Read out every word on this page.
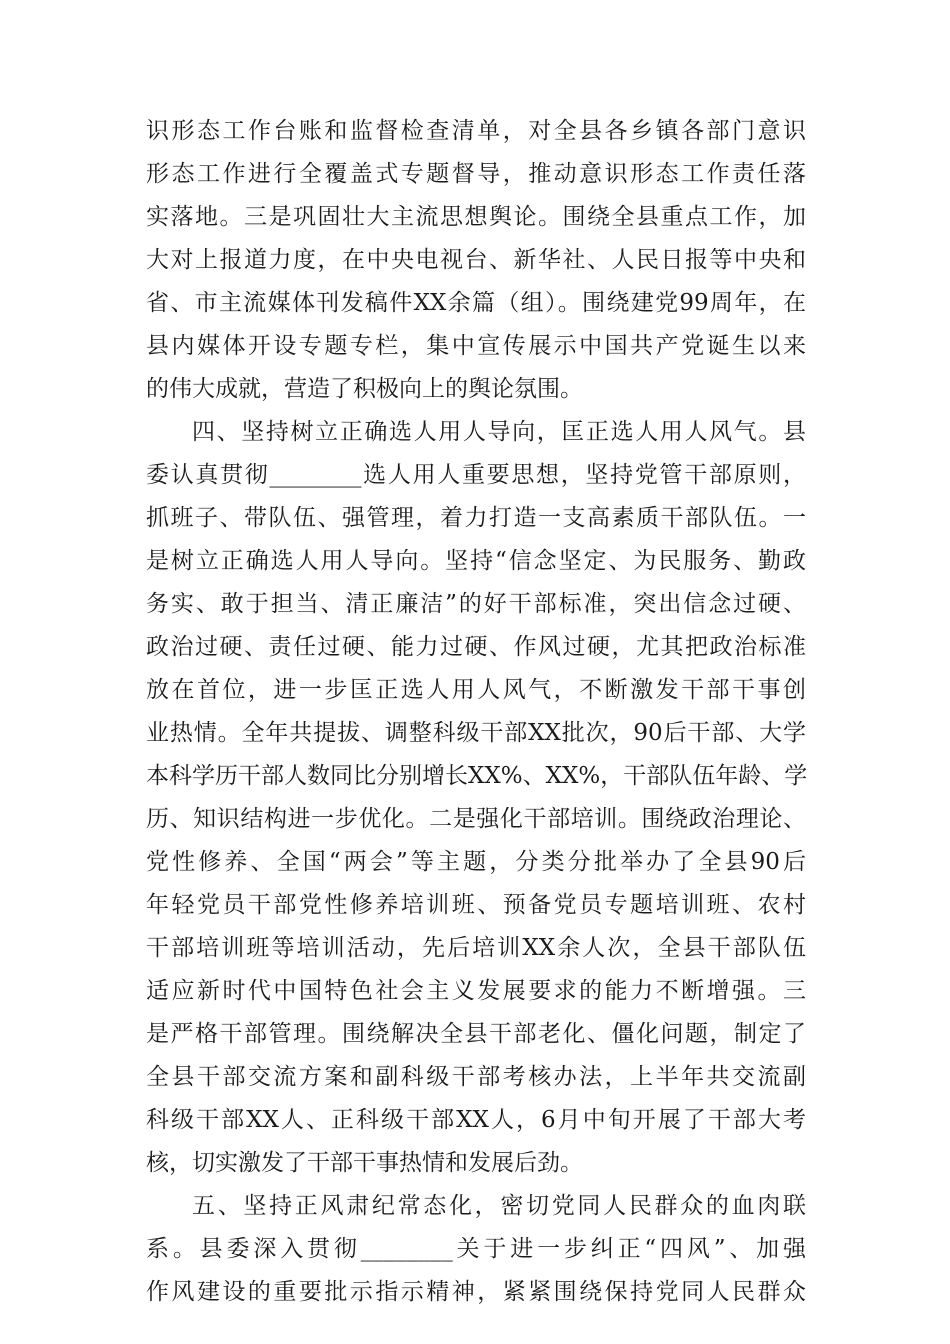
识形态工作台账和监督检查清单，对全县各乡镇各部门意识
形态工作进行全覆盖式专题督导，推动意识形态工作责任落
实落地。三是巩固壮大主流思想舆论。围绕全县重点工作，加
大对上报道力度，在中央电视台、新华社、人民日报等中央和
省、市主流媒体刊发稿件XX余篇（组）。围绕建党99周年，在
县内媒体开设专题专栏，集中宣传展示中国共产党诞生以来
的伟大成就，营造了积极向上的舆论氛围。
四、坚持树立正确选人用人导向，匡正选人用人风气。县
委认真贯彻________选人用人重要思想，坚持党管干部原则，
抓班子、带队伍、强管理，着力打造一支高素质干部队伍。一
是树立正确选人用人导向。坚持“信念坚定、为民服务、勤政
务实、敢于担当、清正廉洁”的好干部标准，突出信念过硬、
政治过硬、责任过硬、能力过硬、作风过硬，尤其把政治标准
放在首位，进一步匡正选人用人风气，不断激发干部干事创
业热情。全年共提拔、调整科级干部XX批次，90后干部、大学
本科学历干部人数同比分别增长XX%、XX%，干部队伍年龄、学
历、知识结构进一步优化。二是强化干部培训。围绕政治理论、
党性修养、全国“两会”等主题，分类分批举办了全县90后
年轻党员干部党性修养培训班、预备党员专题培训班、农村
干部培训班等培训活动，先后培训XX余人次，全县干部队伍
适应新时代中国特色社会主义发展要求的能力不断增强。三
是严格干部管理。围绕解决全县干部老化、僵化问题，制定了
全县干部交流方案和副科级干部考核办法，上半年共交流副
科级干部XX人、正科级干部XX人，6月中旬开展了干部大考
核，切实激发了干部干事热情和发展后劲。
五、坚持正风肃纪常态化，密切党同人民群众的血肉联
系。县委深入贯彻________关于进一步纠正“四风”、加强
作风建设的重要批示指示精神，紧紧围绕保持党同人民群众
